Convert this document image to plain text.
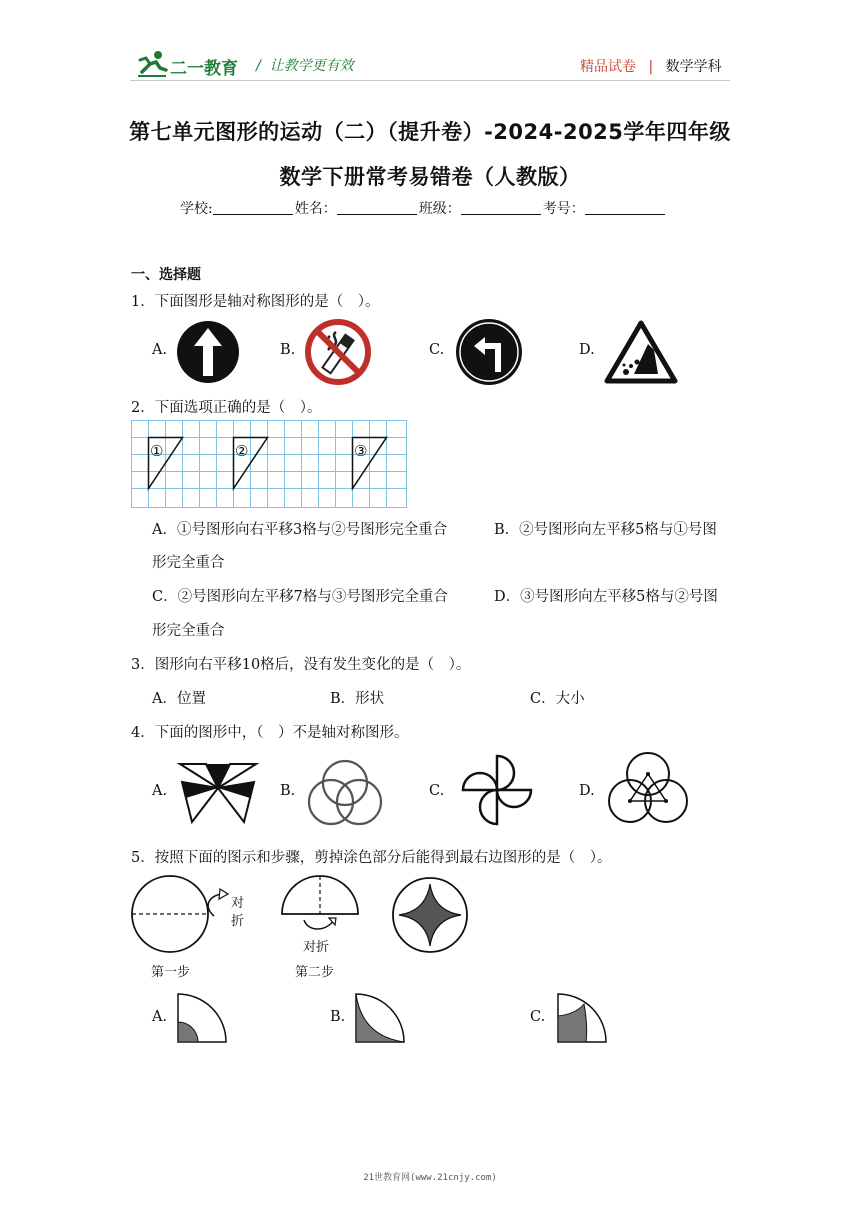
二一教育 /  让教学更有效	精品试卷 | 数学学科
第七单元图形的运动（二）（提升卷）-2024-2025学年四年级
数学下册常考易错卷（人教版）
学校:	姓名：	班级：	考号：
一、选择题
1．下面图形是轴对称图形的是（　）。
A.	B.	C.	D.
2．下面选项正确的是（　）。
①	②	③
A．①号图形向右平移3格与②号图形完全重合	B．②号图形向左平移5格与①号图
形完全重合
C．②号图形向左平移7格与③号图形完全重合	D．③号图形向左平移5格与②号图
形完全重合
3．图形向右平移10格后，没有发生变化的是（　）。
A．位置	B．形状	C．大小
4．下面的图形中，（　）不是轴对称图形。
A.	B.	C.	D.
5．按照下面的图示和步骤，剪掉涂色部分后能得到最右边图形的是（　）。
对
折
第一步
对折
第二步
A.	B.	C.
21世教育网(www.21cnjy.com)
